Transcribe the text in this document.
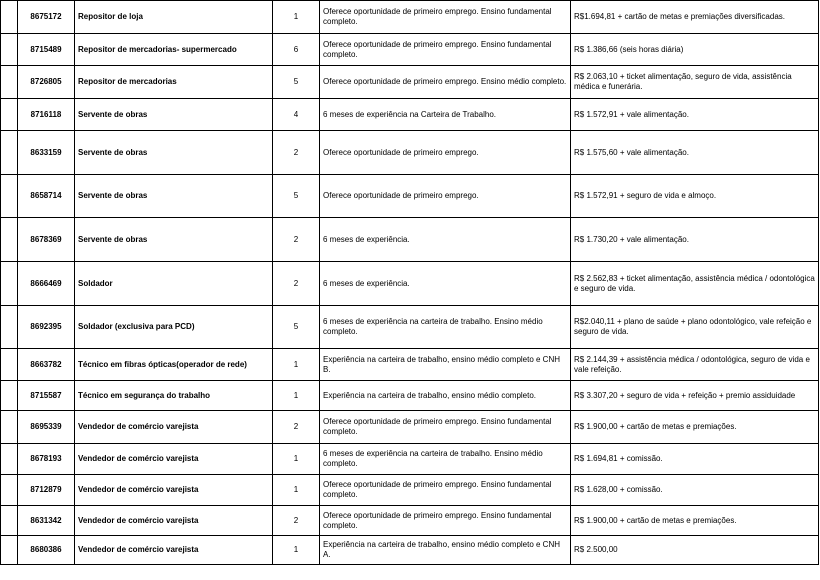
	8675172	Repositor de loja	1	Oferece oportunidade de primeiro emprego. Ensino fundamental completo.	R$1.694,81 + cartão de metas e premiações diversificadas.
	8715489	Repositor de mercadorias- supermercado	6	Oferece oportunidade de primeiro emprego. Ensino fundamental completo.	R$ 1.386,66 (seis horas diária)
	8726805	Repositor de mercadorias	5	Oferece oportunidade de primeiro emprego. Ensino médio completo.	R$ 2.063,10 + ticket alimentação, seguro de vida, assistência médica e funerária.
	8716118	Servente de obras	4	6 meses de experiência na Carteira de Trabalho.	R$ 1.572,91 + vale alimentação.
	8633159	Servente de obras	2	Oferece oportunidade de primeiro emprego.	R$ 1.575,60 + vale alimentação.
	8658714	Servente de obras	5	Oferece oportunidade de primeiro emprego.	R$ 1.572,91 + seguro de vida e almoço.
	8678369	Servente de obras	2	6 meses de experiência.	R$ 1.730,20 + vale alimentação.
	8666469	Soldador	2	6 meses de experiência.	R$ 2.562,83 + ticket alimentação, assistência médica / odontológica e seguro de vida.
	8692395	Soldador (exclusiva para PCD)	5	6 meses de experiência na carteira de trabalho. Ensino médio completo.	R$2.040,11 + plano de saúde + plano odontológico, vale refeição e seguro de vida.
	8663782	Técnico em fibras ópticas(operador de rede)	1	Experiência na carteira de trabalho, ensino médio completo e CNH B.	R$ 2.144,39 + assistência médica / odontológica, seguro de vida e vale refeição.
	8715587	Técnico em segurança do trabalho	1	Experiência na carteira de trabalho, ensino médio completo.	R$ 3.307,20 + seguro de vida + refeição + premio assiduidade
	8695339	Vendedor de comércio varejista	2	Oferece oportunidade de primeiro emprego. Ensino fundamental completo.	R$ 1.900,00 + cartão de metas e premiações.
	8678193	Vendedor de comércio varejista	1	6 meses de experiência na carteira de trabalho. Ensino médio completo.	R$ 1.694,81 + comissão.
	8712879	Vendedor de comércio varejista	1	Oferece oportunidade de primeiro emprego. Ensino fundamental completo.	R$ 1.628,00 + comissão.
	8631342	Vendedor de comércio varejista	2	Oferece oportunidade de primeiro emprego. Ensino fundamental completo.	R$ 1.900,00 + cartão de metas e premiações.
	8680386	Vendedor de comércio varejista	1	Experiência na carteira de trabalho, ensino médio completo e CNH A.	R$ 2.500,00
